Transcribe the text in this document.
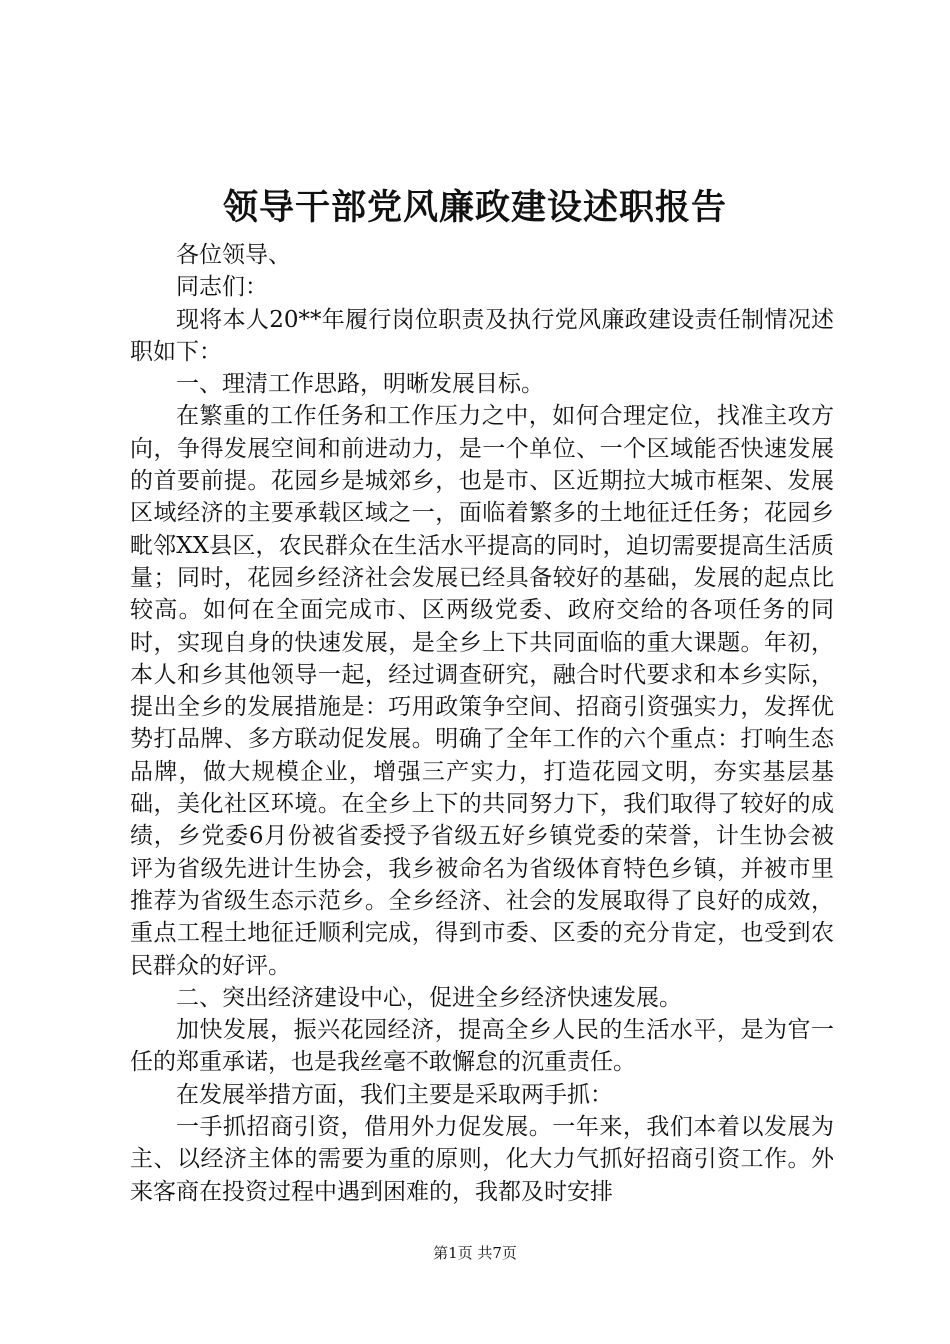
领导干部党风廉政建设述职报告

各位领导、

同志们：

现将本人20**年履行岗位职责及执行党风廉政建设责任制情况述职如下：

一、理清工作思路，明晰发展目标。

在繁重的工作任务和工作压力之中，如何合理定位，找准主攻方向，争得发展空间和前进动力，是一个单位、一个区域能否快速发展的首要前提。花园乡是城郊乡，也是市、区近期拉大城市框架、发展区域经济的主要承载区域之一，面临着繁多的土地征迁任务；花园乡毗邻XX县区，农民群众在生活水平提高的同时，迫切需要提高生活质量；同时，花园乡经济社会发展已经具备较好的基础，发展的起点比较高。如何在全面完成市、区两级党委、政府交给的各项任务的同时，实现自身的快速发展，是全乡上下共同面临的重大课题。年初，本人和乡其他领导一起，经过调查研究，融合时代要求和本乡实际，提出全乡的发展措施是：巧用政策争空间、招商引资强实力，发挥优势打品牌、多方联动促发展。明确了全年工作的六个重点：打响生态品牌，做大规模企业，增强三产实力，打造花园文明，夯实基层基础，美化社区环境。在全乡上下的共同努力下，我们取得了较好的成绩，乡党委6月份被省委授予省级五好乡镇党委的荣誉，计生协会被评为省级先进计生协会，我乡被命名为省级体育特色乡镇，并被市里推荐为省级生态示范乡。全乡经济、社会的发展取得了良好的成效，重点工程土地征迁顺利完成，得到市委、区委的充分肯定，也受到农民群众的好评。

二、突出经济建设中心，促进全乡经济快速发展。

加快发展，振兴花园经济，提高全乡人民的生活水平，是为官一任的郑重承诺，也是我丝毫不敢懈怠的沉重责任。

在发展举措方面，我们主要是采取两手抓：

一手抓招商引资，借用外力促发展。一年来，我们本着以发展为主、以经济主体的需要为重的原则，化大力气抓好招商引资工作。外来客商在投资过程中遇到困难的，我都及时安排

第1页 共7页
